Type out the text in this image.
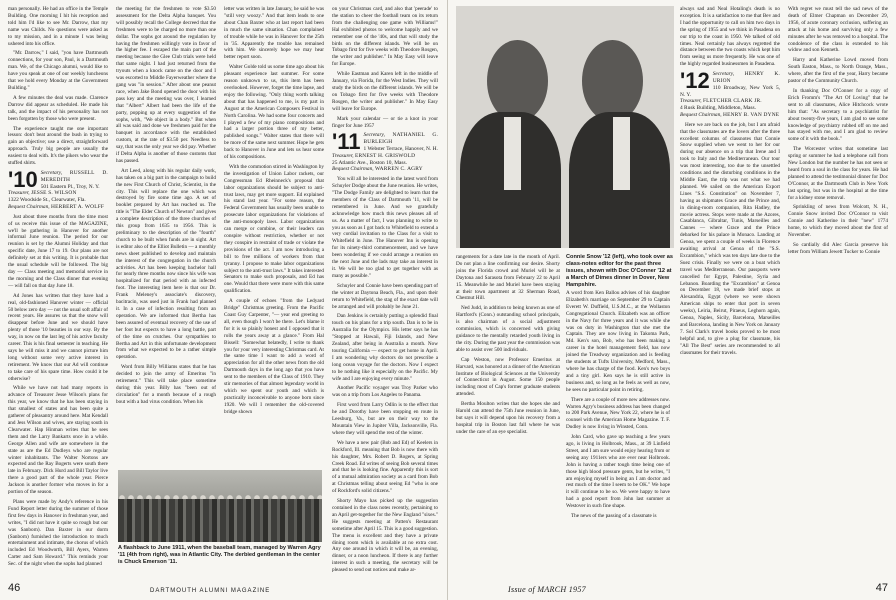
man personally. He had an office in the Temple Building. One morning I hit his reception and told him I'd like to see Mr. Darrow, that my name was Childs. No questions were asked as to my mission, and in a minute I was being ushered into his office.

"Mr. Darrow," I said, "you have Dartmouth connections, for your son, Paul, is a Dartmouth man. We, of the Chicago alumni, would like to have you speak at one of our weekly luncheons that we hold every Monday at the Government Building."

A few minutes the deal was made. Clarence Darrow did appear as scheduled. He made his talk, and the impact of his personality has not been forgotten by those who were present.

The experience taught me one important lesson: don't beat around the bush in trying to gain an objective; use a direct, straightforward approach. Truly big people are usually the easiest to deal with. It's the pikers who wear the stuffed shirts.

'10 Secretary, RUSSELL D. MEREDITH
501 Eastern Pl., Troy, N. Y.
Treasurer, JESSE S. WILSON
1322 Woodside St., Clearwater, Fla.
Bequest Chairman, HERBERT A. WOLFF

Just about three months from the time most of us receive this issue of the MAGAZINE, we'll be gathering in Hanover for another informal June reunion. The period for our reunion is set by the Alumni Holiday and that specific date, June 17 to 19. Our plans are not definitely set at this writing. It is probable that the usual schedule will be followed. The big day — Class meeting and memorial service in the morning and the Class dinner that evening — will fall on that day June 18.

Ad Jones has written that they have had a real, old-fashioned Hanover winter — official 50 below zero day — not the usual soft affair of recent years. He assures us that the snow will disappear before June and we should have plenty of those '10 beauties in our way. By the way, in now on the last leg of his active faculty career. This is his final semester in teaching. He says he will miss it and we cannot picture him long without some very active interest in retirement. We know that our Ad will continue to take care of his spare time. How could it be otherwise?

While we have not had many reports in advance of Treasurer Jesse Wilson's plans for this year, we know that he has been staying in that smallest of states and has been quite a gatherer of pleasantry around here. Mat Kendall and Jess Wilson and wives, are staying south in Clearwater. Hap Hinman writes that he sees them and the Larry Bankarts once in a while. George Allen and wife are somewhere in the state as are the Ed Dudleys who are regular winter inhabitants. The Walter Nortons are expected and the Ray Bogerts were south there late in February. Dick Hurd and Bill Taylor live there a good part of the whole year. Pierce Jackson is another former who moves in for a portion of the season.

Plans were made by Andy's reference in his Fund Report letter during the summer of those first few days in Hanover in freshman year, and writes, "I did not have it quite so rough but our was Sanborn). Dan Baxter in our dorm (Sanborn) furnished the introduction to much entertainment and intimate, the chorus of which included Ed Woodworth, Bill Ayers, Warren Carter and Sam Howard." This reminds your Sec. of the night when the sophs had planned

the meeting for the freshmen to vote $3.50 assessment for the Delta Alpha banquet. You will possibly recall the College decreed that the freshmen were to be charged no more than one dollar. The sophs got around the regulation by having the freshmen willingly vote in favor of the higher fee. I escaped the main part of the meeting because the Glee Club trials were held that same night. I had just returned from the tryouts when a knock came on the door and I was escorted to Middle Fayerweather where the gang was "in session." After about one peanut race, when Jake Bond opened the door with his pass key and the meeting was over, I learned that "Albert" Albert had been the life of the party, popping up at every suggestion of the sophs, with, "We object in a body." But when all was said and done we freshmen paid for the banquet in accordance with the established custom, at the rate of $3.50 per. Needless to say, that was the only year we did pay. Whether if Delta Alpha is another of those customs that has passed.

Art Leed, along with his regular daily work, has taken on a big part in the campaign to build the new First Church of Christ, Scientist, in the city. This will replace the one which was destroyed by fire some time ago. A set of booklet prepared by Art has reached us. The title is "The Elder Church of Newton" and gives a complete description of the three churches of this group from 1635 to 1956. This is preliminary to the description of the "fourth" church to be built when funds are in sight. Art is editor also of the Elliot Bulletin — a monthly news sheet published to develop and maintain the interest of the congregation in the church activities. Art has been keeping bachelor hall for nearly three months now since his wife was hospitalized for that period with an infected foot. The interesting item here is that our Dr. Frank Meleney's associate's discovery, bacitracin, was used just in Frank had planned it. In a case of infection resulting from an operation. We are informed that Bertha has been assured of eventual recovery of the use of her foot but expects to have a long battle, part of the time on crutches. Our sympathies to Bertha and Art in this unfortunate development from what we expected to be a rather simple operation.

Word from Billy Williams states that he has decided to join the army of Emeritus "in retirement." This will take place sometime during this year. Billy has "been out of circulation" for a month because of a rough bout with a bad virus condition. When his

letter was written in late January, he said he was "still very woozy." And that item leads to one about Chan Baxter who at last report had been in much the same situation. Chan complained of trouble while he was in Hanover for the 25th in '35. Apparently the trouble has remained with him. We sincerely hope we may hear better report soon.

Walter Golde told us some time ago about his pleasant experience last summer. For some reason unknown to us, this item has been overlooked. However, forget the time lapse, and enjoy the following. "Only thing worth talking about that has happened to me, is my part in August at the American Composers Festival in North Carolina. We had some four concerts and I played a few of my piano compositions and had a larger portion three of my better, published songs." Walter states that there will be more of the same next summer. Hope he gets back to Hanover in June and lets us hear some of his compositions.

With the commotion stirred in Washington by the investigation of Union Labor rackets, our Congressman Ed Rheinneck's proposal that labor organizations should be subject to anti-trust laws, may get more support. Ed explained his stand last year. "For some reason, the Federal Government has usually been unable to prosecute labor organizations for violations of the anti-monopoly laws. Labor organizations can merge or combine, or their leaders can conspire without restriction, whether or not they conspire in restraint of trade or violate the provisions of the act. I am now introducing a bill to free millions of workers from that tyranny. I propose to make labor organizations subject to the anti-trust laws." It takes interested Senators to make such proposals, and Ed has one. Would that there were more with this same qualification.

A couple of echoes "from the Ledyard Bridge" Christmas greeting. From the Pacific Coast Guy Carpenter, "— year end greeting to all, even though I won't be there. Let's blame it for it is so plainly honest and I opposed that it rolls the years away at a glance." From Hal Bissell: "Somewhat belatedly, I write to thank you for your very interesting Christmas card. At the same time I want to add a word of appreciation for all the other news from the old Dartmouth days in the long ago that you have sent to the members of the Class of 1910. They stir memories of that almost legendary world in which we spent our youth and which is practically inconceivable to anyone born since 1920. We will I remember the old-covered bridge shown

on your Christmas card, and also that 'peerade' to the station to cheer the football team on its return from the challenging one game with Williams!" Hal exhibited photos to welcome happily and we remember one of the '40s, and that will study the birds on the different islands. We will be on Tobago first for five weeks with Theodore Rosgen, the writer and publisher." In May Easy will leave for Europe.

While Eastman and Karen left in the middle of January, via Florida, for the West Indies. They will study the birds on the different islands. We will be on Tobago first for five weeks with Theodore Rosgen, the writer and publisher." In May Easy will leave for Europe.

Mark your calendar — or tie a knot in your finger for June 1957

'11 Secretary, NATHANIEL G. BURLEIGH
1 Webster Terrace, Hanover, N. H.
Treasurer, ERNEST H. GRISWOLD
25 Atlantic Ave., Boston 10, Mass.
Bequest Chairman, WARREN C. AGRY

You will all be interested in the latest word from Schuyler Dodge about the June reunion. He writes, "The Dodge Family are delighted to learn that the members of the Class of Dartmouth '11, will be remembered in June. And we gratefully acknowledge how much this news pleases all of us. As a matter of fact, I was planning to write to you as soon as I got back to Whitefield to extend a very cordial invitation to the Class for a visit to Whitefield in June. The Hanover Inn is opening for its ninety-third commencement, and we have been wondering if we could arrange a reunion on the next June and the lads may take an interest in it. We will be too glad to get together with as many as possible."

Schuyler and Connie have been spending part of the winter at Daytona Beach, Fla., and upon their return to Whitefield, the stag of the exact date will be arranged and will probably be June 21.

Dan Jenkins is certainly putting a splendid final touch on his plans for a trip south. Dan is to be in Australia for the Olympics. His letter says he has "Stopped at Hawaii, Fiji Islands, and New Zealand, after being in Australia a month. Now touring California — expect to get home in April. I am wondering why doctors do not prescribe a long ocean voyage for the doctors. Now I expect to be nothing like it especially on the Pacific. My wife and I are enjoying every minute."

Another Pacific voyager was Troy Parker who was on a trip from Los Angeles to Panama.

First word from Larry Odlin is to the effect that he and Dorothy have been stopping en route in Leesburg, Va., but are on their way to the Mountain View in Jupiter Villa, Jacksonville, Fla. where they will spend the rest of the winter.

We have a new pair (Bob and Ed) of Keelers in Rockford, Ill. meaning that Bob is now there with his daughter, Mrs. Robert D. Rogers, at Spring Creek Road. Ed writes of seeing Bob several times and that he is looking fine. Apparently this is sort of a mutual admiration society as a card from Bob at Christmas telling about seeing Ed "who is one of Rockford's solid citizens."

Shorty Mayo has picked up the suggestion contained in the class notes recently, pertaining to an April get-together for the New England "sixes." He suggests meeting at Patten's Restaurant sometime after April 15. This is a good suggestion. The menu is excellent and they have a private dining room which is available at no extra cost. Any one around in which it will be, an evening, dinner, or a noon luncheon. If there is any further interest in such a meeting, the secretary will be pleased to send out notices and make ar-

A flashback to June 1911, when the baseball team, managed by Warren Agry '11 (4th from right), was in Atlantic City. The derbied gentleman in the center is Chuck Emerson '11.
46	DARTMOUTH ALUMNI MAGAZINE
Connie Snow '12 (left), who took over as class-notes editor for the past three issues, shown with Doc O'Conner '12 at a March of Dimes dinner in Dover, New Hampshire.

rangements for a date late in the month of April. Do not plan a line confirming our desire. Shorty joins the Florida crowd and Muriel will be at Daytona and Sarasota from February 22 to April 15. Meanwhile he and Muriel have been staying at their town apartment at 32 Sherman Road, Chestnut Hill.

Ned Judd, in addition to being known as one of Hartford's (Conn.) outstanding school principals, is also chairman of a social adjustment commission, which is concerned with giving guidance to the mentally retarded youth living in the city. During the past year the commission was able to assist over 500 individuals.

Cap Weston, now Professor Emeritus at Harvard, was honored at a dinner of the American Institute of Biological Sciences at the University of Connecticut in August. Some 150 people including most of Cap's former graduate students attended.

Bertha Moulton writes that she hopes she and Harold can attend the 75th June reunion in June, but says it will depend upon his recovery from a hospital trip in Boston last fall where he was under the care of an eye specialist.

A word from Ken Ballou advises of his daughter Elizabeth's marriage on September 29 to Captain Everett W. Duffield, U.S.M.C., at the Wollaston Congregational Church. Elizabeth was an officer in the Navy for three years and it was while she was on duty in Washington that she met the Captain. They are now living in Takoma Park, Md. Ken's son, Bob, who has been making a career in the hotel management field, has now joined the Treadway organization and is feeding the students at Tufts University, Medford, Mass., where he has charge of the food. Ken's two boys and a tiny girl. Ken says he is still active in business and, so long as he feels as well as now, he sees no particular point in retiring.

There are a couple of more new addresses now. Warren Agry's business address has been changed to 200 Park Avenue, New York 22, where he is of counsel with the American Home Magazine. T. F. Dudley is now living in Winsted, Conn.

John Card, who gave up teaching a few years ago, is living in Holbrook, Mass., at 39 Linfield Street, and I am sure would enjoy hearing from or seeing any 1911ers who are ever near Holbrook. John is having a rather tough time being one of those high blood pressure gents, but he writes, "I am enjoying myself in being an I am doctor and rest much of the time I seem to be OK." We hope it will continue to be so. We were happy to have had a good report from John last summer at Westover in such fine shape.

The news of the passing of a classmate is

always sad and Neal Hotaling's death is no exception. It is a satisfaction to me that Bev and I had the opportunity to call on him two days in the spring of 1955 and we think in Pasadena on our trip to the coast in 1950. We talked of old times. Neal certainly has always regretted the distance between the two coasts which kept him from seeing us more frequently. He was one of the highly regarded businessmen in Pasadena.

'12 Secretary, HENRY K. URION
110 Broadway, New York 5, N. Y.
Treasurer, FLETCHER CLARK JR.
4 Rusk Building, Middleton, Mass.
Bequest Chairman, HENRY B. VAN DYNE

Here we are back on the job, but I am afraid that the classmates are the lovers after the three excellent columns of classnotes that Connie Snow supplied when we went to her for our during our absence on a trip that Irene and I took to Italy and the Mediterranean. Our tour was most interesting, too due to the unsettled conditions and the disturbing conditions in the Middle East, the trip was not what we had planned. We sailed on the American Export Lines "S.S. Constitution" on November 7, having as shipmates Grace and the Prince and, in dining-room companion, Rita Hadley, the movie actress. Stops were made at the Azores, Casablanca, Gibraltar, Tunis, Marseilles and Cannes — where Grace and the Prince debarked for his palace in Monaco. Landing at Genoa, we spent a couple of weeks in Florence awaiting arrival at Genoa of the "S.S. Excambion," which was ten days late due to the Suez crisis. Finally we were on a boat which travel was Mediterranean. Our passports were cancelled for Egypt, Palestine, Syria and Lebanon. Boarding the "Excambion" at Genoa on December 18, we made brief stops at Alexandria, Egypt (where we were shown American ships to enter that port in seven weeks), Leiria, Beirut, Piraeus, Leghorn again, Genoa, Naples, Sicily, Barcelona, Marseilles and Barcelona, landing in New York on January 7. Sol Clark's travel books proved to be most helpful and, to give a plug for classmate, his "All The Best" series are recommended to all classmates for their travels.

With regret we must tell the sad news of the death of Elmer Chapman on December 29, 1956, of acute coronary occlusion, suffering an attack at his home and surviving only a few minutes after he was removed to a hospital. The condolence of the class is extended to his widow and son Kenneth.

Harry and Katherine Lowd moved from South Easton, Mass., to North Orange, Mass., where, after the first of the year, Harry became pastor of the Community Church.

In thanking Doc O'Conner for a copy of Erich Fromm's "The Art Of Loving" that he sent to all classmates, Alice Hitchcock wrote him that: "As secretary to a psychiatrist for about twenty-five years, I am glad to see some knowledge of psychiatry rubbed off on me and has stayed with me, and I am glad to review some of it with the book."

The Worcester writes that sometime last spring or summer he had a telephone call from New London but the number he has not seen or heard from a soul in the class for years. He had planned to attend the testimonial dinner for Doc O'Connor, at the Dartmouth Club in New York last spring, but was in the hospital at the time for a kidney stone removal.

Sprinkling of news from Wolcott, N. H., Connie Snow invited Doc O'Connor to visit Connie and Katherine in their "new" 1774 home, to which they moved about the first of November.

So cardially did Alec Garcia preserve his letter from William Jewett Tucker to Connie

Issue of MARCH 1957	47
